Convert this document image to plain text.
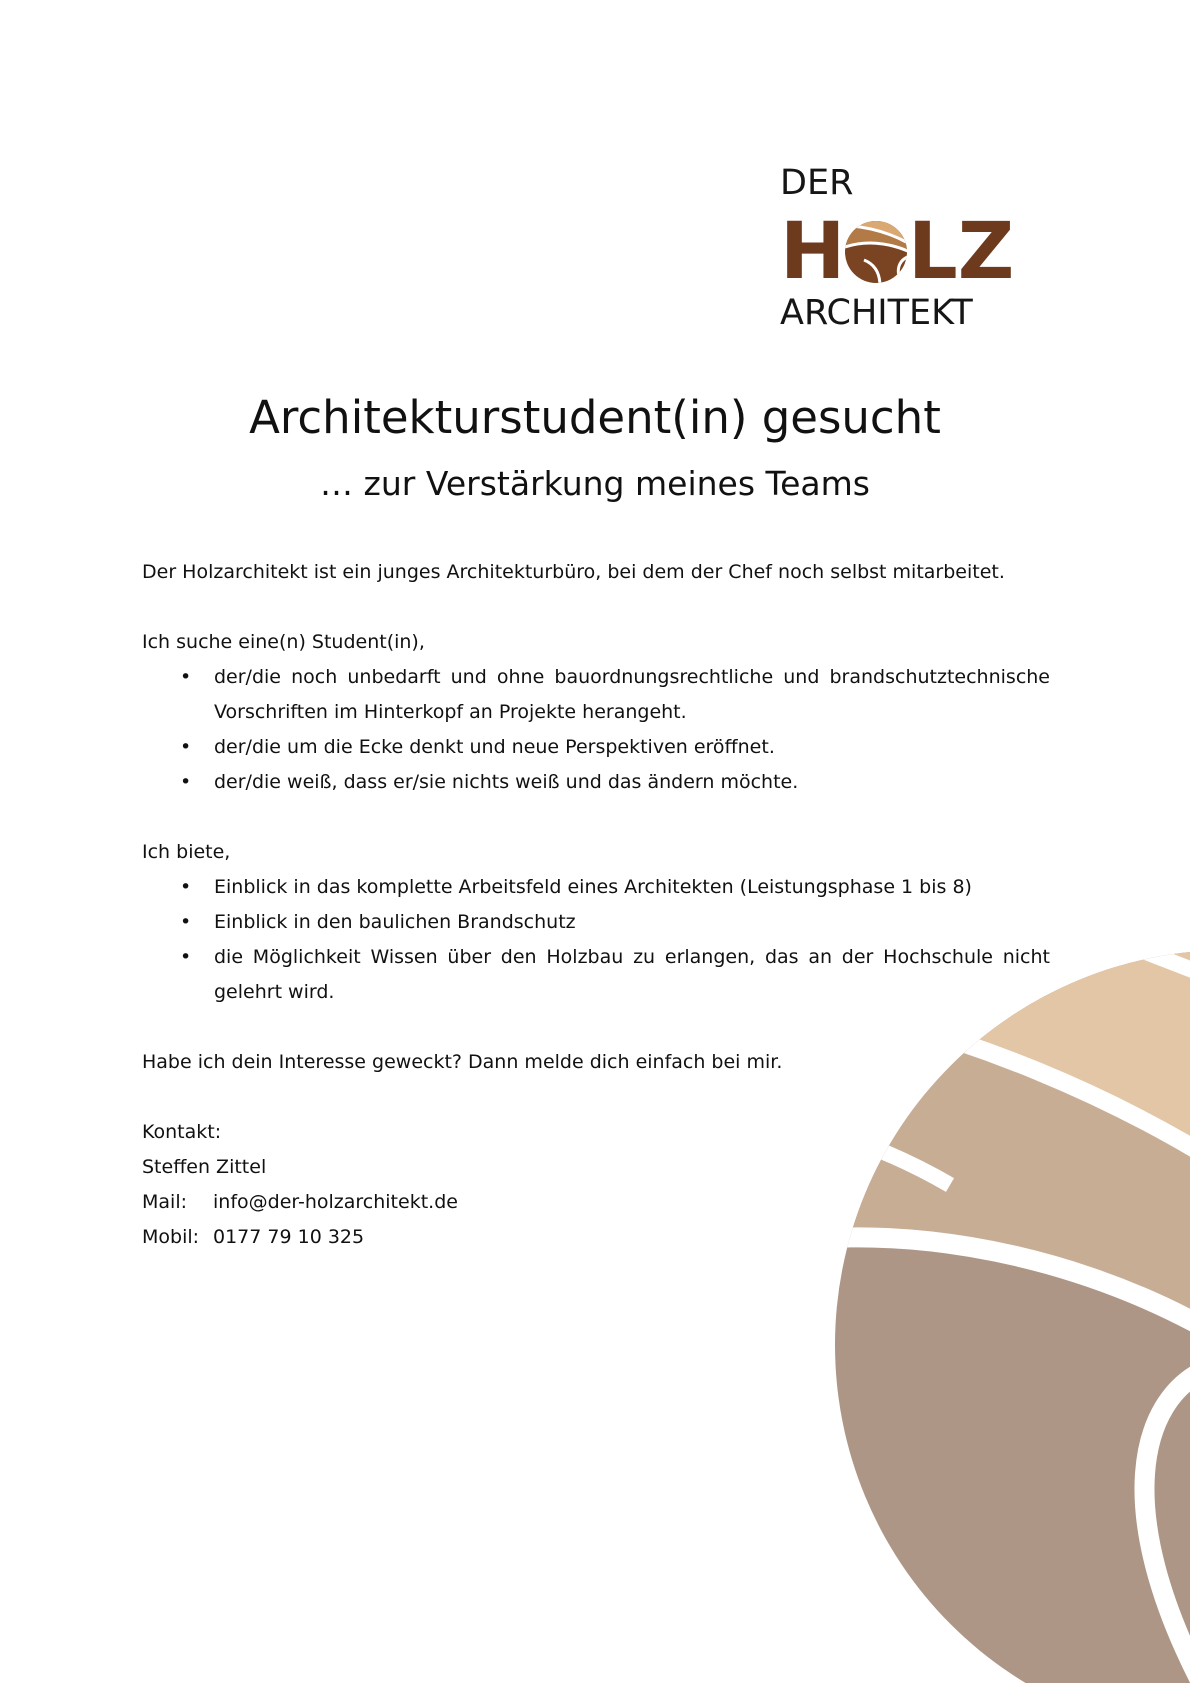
DER
H LZ
ARCHITEKT
Architekturstudent(in) gesucht
… zur Verstärkung meines Teams

Der Holzarchitekt ist ein junges Architekturbüro, bei dem der Chef noch selbst mitarbeitet.

Ich suche eine(n) Student(in),

• der/die noch unbedarft und ohne bauordnungsrechtliche und brandschutztechnische Vorschriften im Hinterkopf an Projekte herangeht.
• der/die um die Ecke denkt und neue Perspektiven eröffnet.
• der/die weiß, dass er/sie nichts weiß und das ändern möchte.

Ich biete,

• Einblick in das komplette Arbeitsfeld eines Architekten (Leistungsphase 1 bis 8)
• Einblick in den baulichen Brandschutz
• die Möglichkeit Wissen über den Holzbau zu erlangen, das an der Hochschule nicht gelehrt wird.

Habe ich dein Interesse geweckt? Dann melde dich einfach bei mir.

Kontakt:

Steffen Zittel

Mail:	info@der-holzarchitekt.de
Mobil: 0177 79 10 325
